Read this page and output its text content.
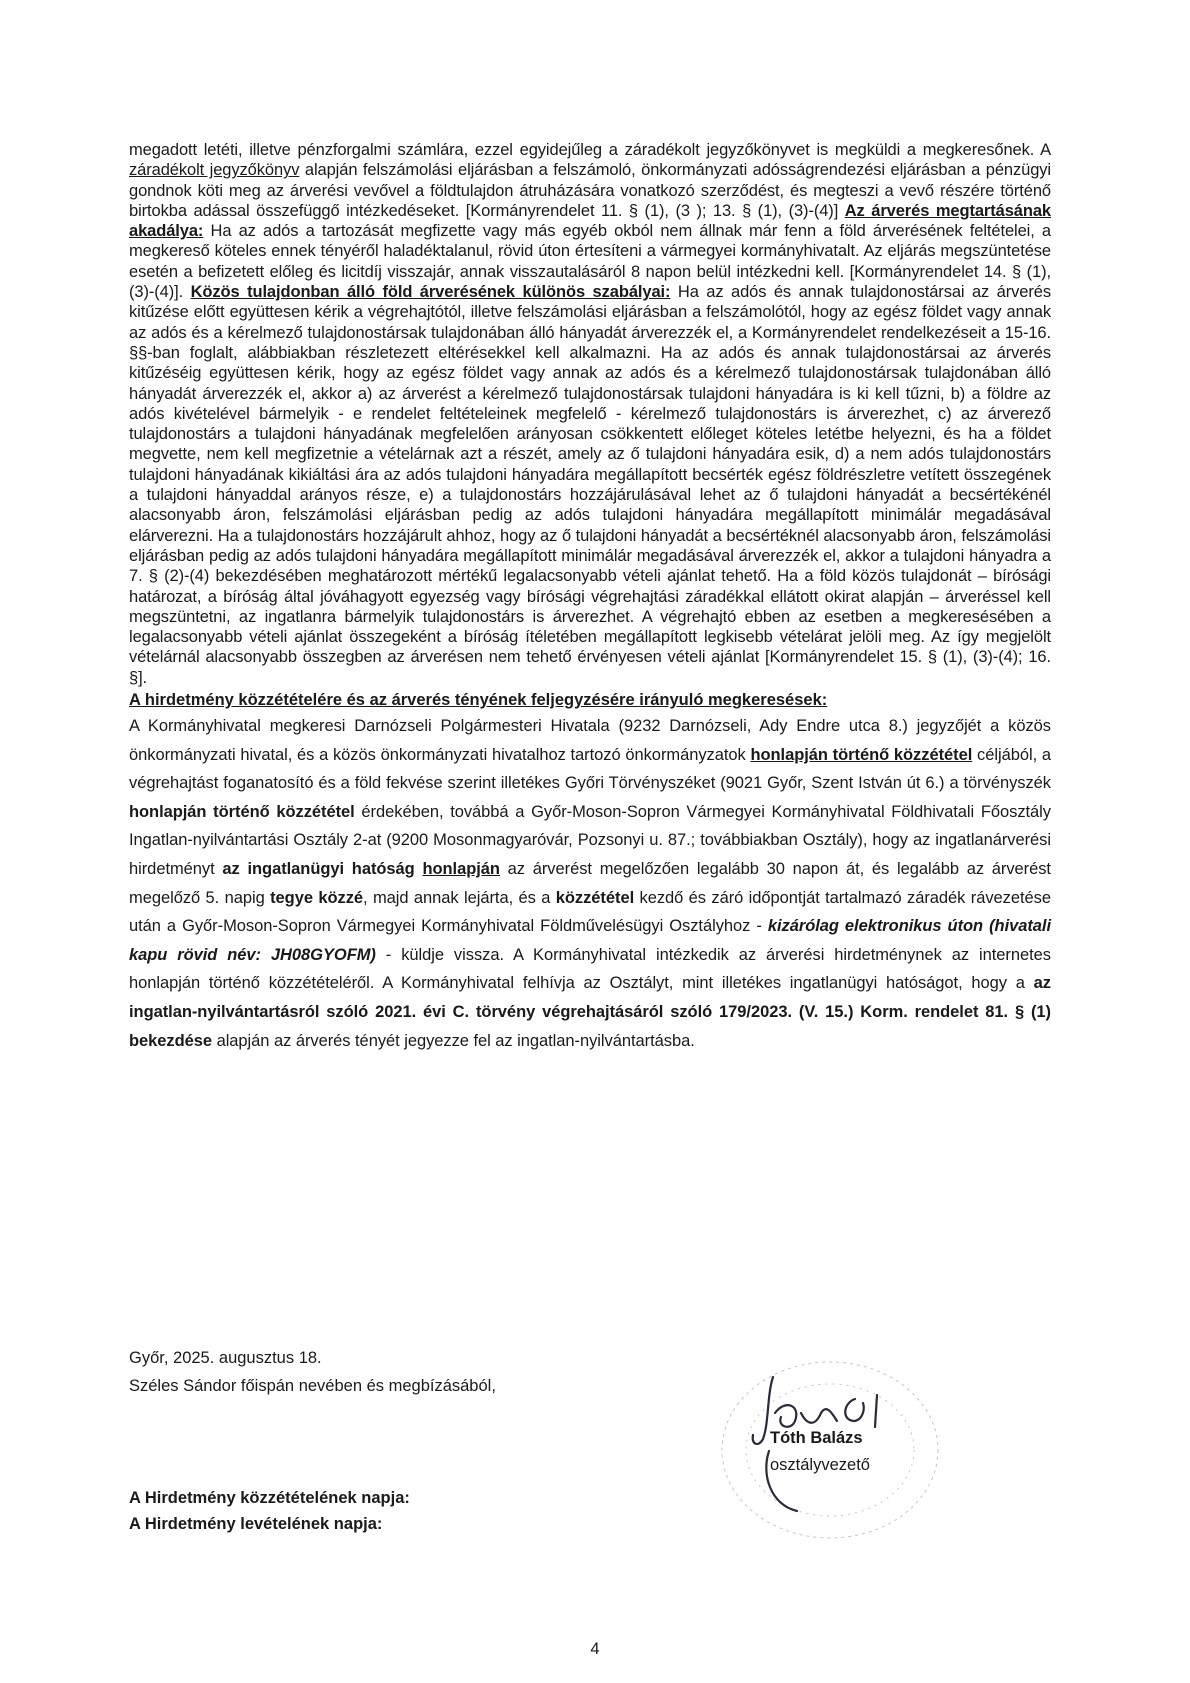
megadott letéti, illetve pénzforgalmi számlára, ezzel egyidejűleg a záradékolt jegyzőkönyvet is megküldi a megkeresőnek. A záradékolt jegyzőkönyv alapján felszámolási eljárásban a felszámoló, önkormányzati adósságrendezési eljárásban a pénzügyi gondnok köti meg az árverési vevővel a földtulajdon átruházására vonatkozó szerződést, és megteszi a vevő részére történő birtokba adással összefüggő intézkedéseket. [Kormányrendelet 11. § (1), (3 ); 13. § (1), (3)-(4)] Az árverés megtartásának akadálya: Ha az adós a tartozását megfizette vagy más egyéb okból nem állnak már fenn a föld árverésének feltételei, a megkereső köteles ennek tényéről haladéktalanul, rövid úton értesíteni a vármegyei kormányhivatalt. Az eljárás megszüntetése esetén a befizetett előleg és licitdíj visszajár, annak visszautalásáról 8 napon belül intézkedni kell. [Kormányrendelet 14. § (1), (3)-(4)]. Közös tulajdonban álló föld árverésének különös szabályai: Ha az adós és annak tulajdonostársai az árverés kitűzése előtt együttesen kérik a végrehajtótól, illetve felszámolási eljárásban a felszámolótól, hogy az egész földet vagy annak az adós és a kérelmező tulajdonostársak tulajdonában álló hányadát árverezzék el, a Kormányrendelet rendelkezéseit a 15-16. §§-ban foglalt, alábbiakban részletezett eltérésekkel kell alkalmazni. Ha az adós és annak tulajdonostársai az árverés kitűzéséig együttesen kérik, hogy az egész földet vagy annak az adós és a kérelmező tulajdonostársak tulajdonában álló hányadát árverezzék el, akkor a) az árverést a kérelmező tulajdonostársak tulajdoni hányadára is ki kell tűzni, b) a földre az adós kivételével bármelyik - e rendelet feltételeinek megfelelő - kérelmező tulajdonostárs is árverezhet, c) az árverező tulajdonostárs a tulajdoni hányadának megfelelően arányosan csökkentett előleget köteles letétbe helyezni, és ha a földet megvette, nem kell megfizetnie a vételárnak azt a részét, amely az ő tulajdoni hányadára esik, d) a nem adós tulajdonostárs tulajdoni hányadának kikiáltási ára az adós tulajdoni hányadára megállapított becsérték egész földrészletre vetített összegének a tulajdoni hányaddal arányos része, e) a tulajdonostárs hozzájárulásával lehet az ő tulajdoni hányadát a becsértékénél alacsonyabb áron, felszámolási eljárásban pedig az adós tulajdoni hányadára megállapított minimálár megadásával elárverezni. Ha a tulajdonostárs hozzájárult ahhoz, hogy az ő tulajdoni hányadát a becsértéknél alacsonyabb áron, felszámolási eljárásban pedig az adós tulajdoni hányadára megállapított minimálár megadásával árverezzék el, akkor a tulajdoni hányadra a 7. § (2)-(4) bekezdésében meghatározott mértékű legalacsonyabb vételi ajánlat tehető. Ha a föld közös tulajdonát – bírósági határozat, a bíróság által jóváhagyott egyezség vagy bírósági végrehajtási záradékkal ellátott okirat alapján – árveréssel kell megszüntetni, az ingatlanra bármelyik tulajdonostárs is árverezhet. A végrehajtó ebben az esetben a megkeresésében a legalacsonyabb vételi ajánlat összegeként a bíróság ítéletében megállapított legkisebb vételárat jelöli meg. Az így megjelölt vételárnál alacsonyabb összegben az árverésen nem tehető érvényesen vételi ajánlat [Kormányrendelet 15. § (1), (3)-(4); 16. §].

A hirdetmény közzétételére és az árverés tényének feljegyzésére irányuló megkeresések:

A Kormányhivatal megkeresi Darnózseli Polgármesteri Hivatala (9232 Darnózseli, Ady Endre utca 8.) jegyzőjét a közös önkormányzati hivatal, és a közös önkormányzati hivatalhoz tartozó önkormányzatok honlapján történő közzététel céljából, a végrehajtást foganatosító és a föld fekvése szerint illetékes Győri Törvényszéket (9021 Győr, Szent István út 6.) a törvényszék honlapján történő közzététel érdekében, továbbá a Győr-Moson-Sopron Vármegyei Kormányhivatal Földhivatali Főosztály Ingatlan-nyilvántartási Osztály 2-at (9200 Mosonmagyaróvár, Pozsonyi u. 87.; továbbiakban Osztály), hogy az ingatlanárverési hirdetményt az ingatlanügyi hatóság honlapján az árverést megelőzően legalább 30 napon át, és legalább az árverést megelőző 5. napig tegye közzé, majd annak lejárta, és a közzététel kezdő és záró időpontját tartalmazó záradék rávezetése után a Győr-Moson-Sopron Vármegyei Kormányhivatal Földművelésügyi Osztályhoz - kizárólag elektronikus úton (hivatali kapu rövid név: JH08GYOFM) - küldje vissza. A Kormányhivatal intézkedik az árverési hirdetménynek az internetes honlapján történő közzétételéről. A Kormányhivatal felhívja az Osztályt, mint illetékes ingatlanügyi hatóságot, hogy a az ingatlan-nyilvántartásról szóló 2021. évi C. törvény végrehajtásáról szóló 179/2023. (V. 15.) Korm. rendelet 81. § (1) bekezdése alapján az árverés tényét jegyezze fel az ingatlan-nyilvántartásba.

Győr, 2025. augusztus 18.

Széles Sándor főispán nevében és megbízásából,

Tóth Balázs
osztályvezető
A Hirdetmény közzétételének napja:
A Hirdetmény levételének napja:
4
